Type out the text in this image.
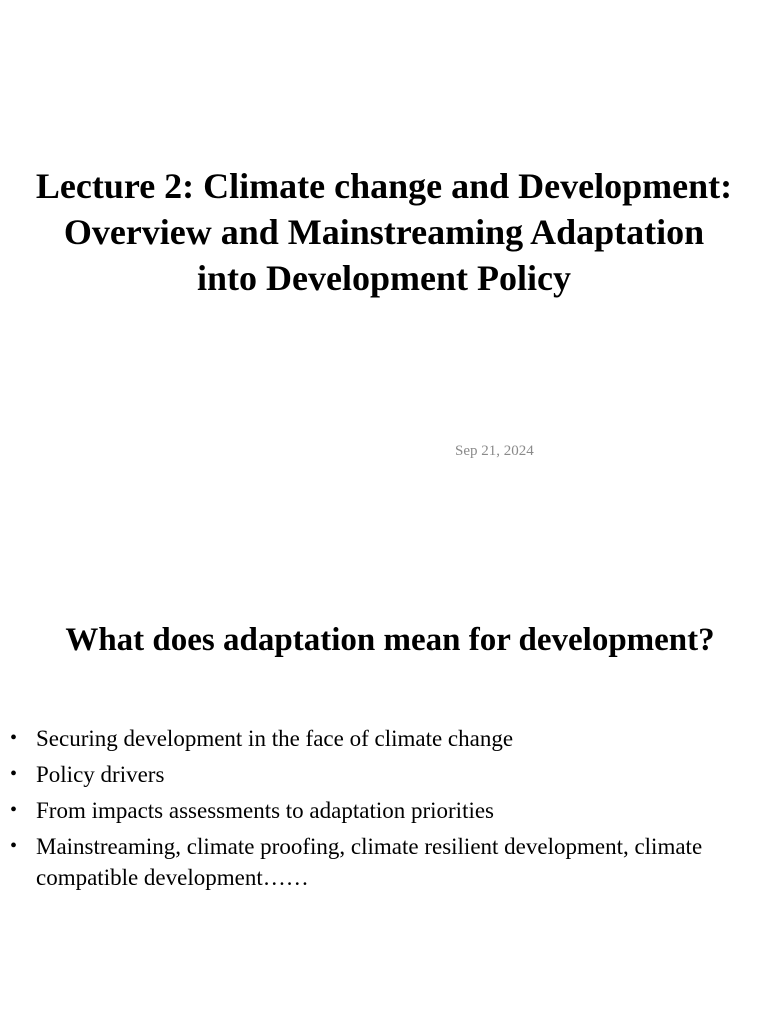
Lecture 2: Climate change and Development:
Overview and Mainstreaming Adaptation
into Development Policy
Sep 21, 2024
What does adaptation mean for development?
• Securing development in the face of climate change
• Policy drivers
• From impacts assessments to adaptation priorities
• Mainstreaming, climate proofing, climate resilient development, climate compatible development……
